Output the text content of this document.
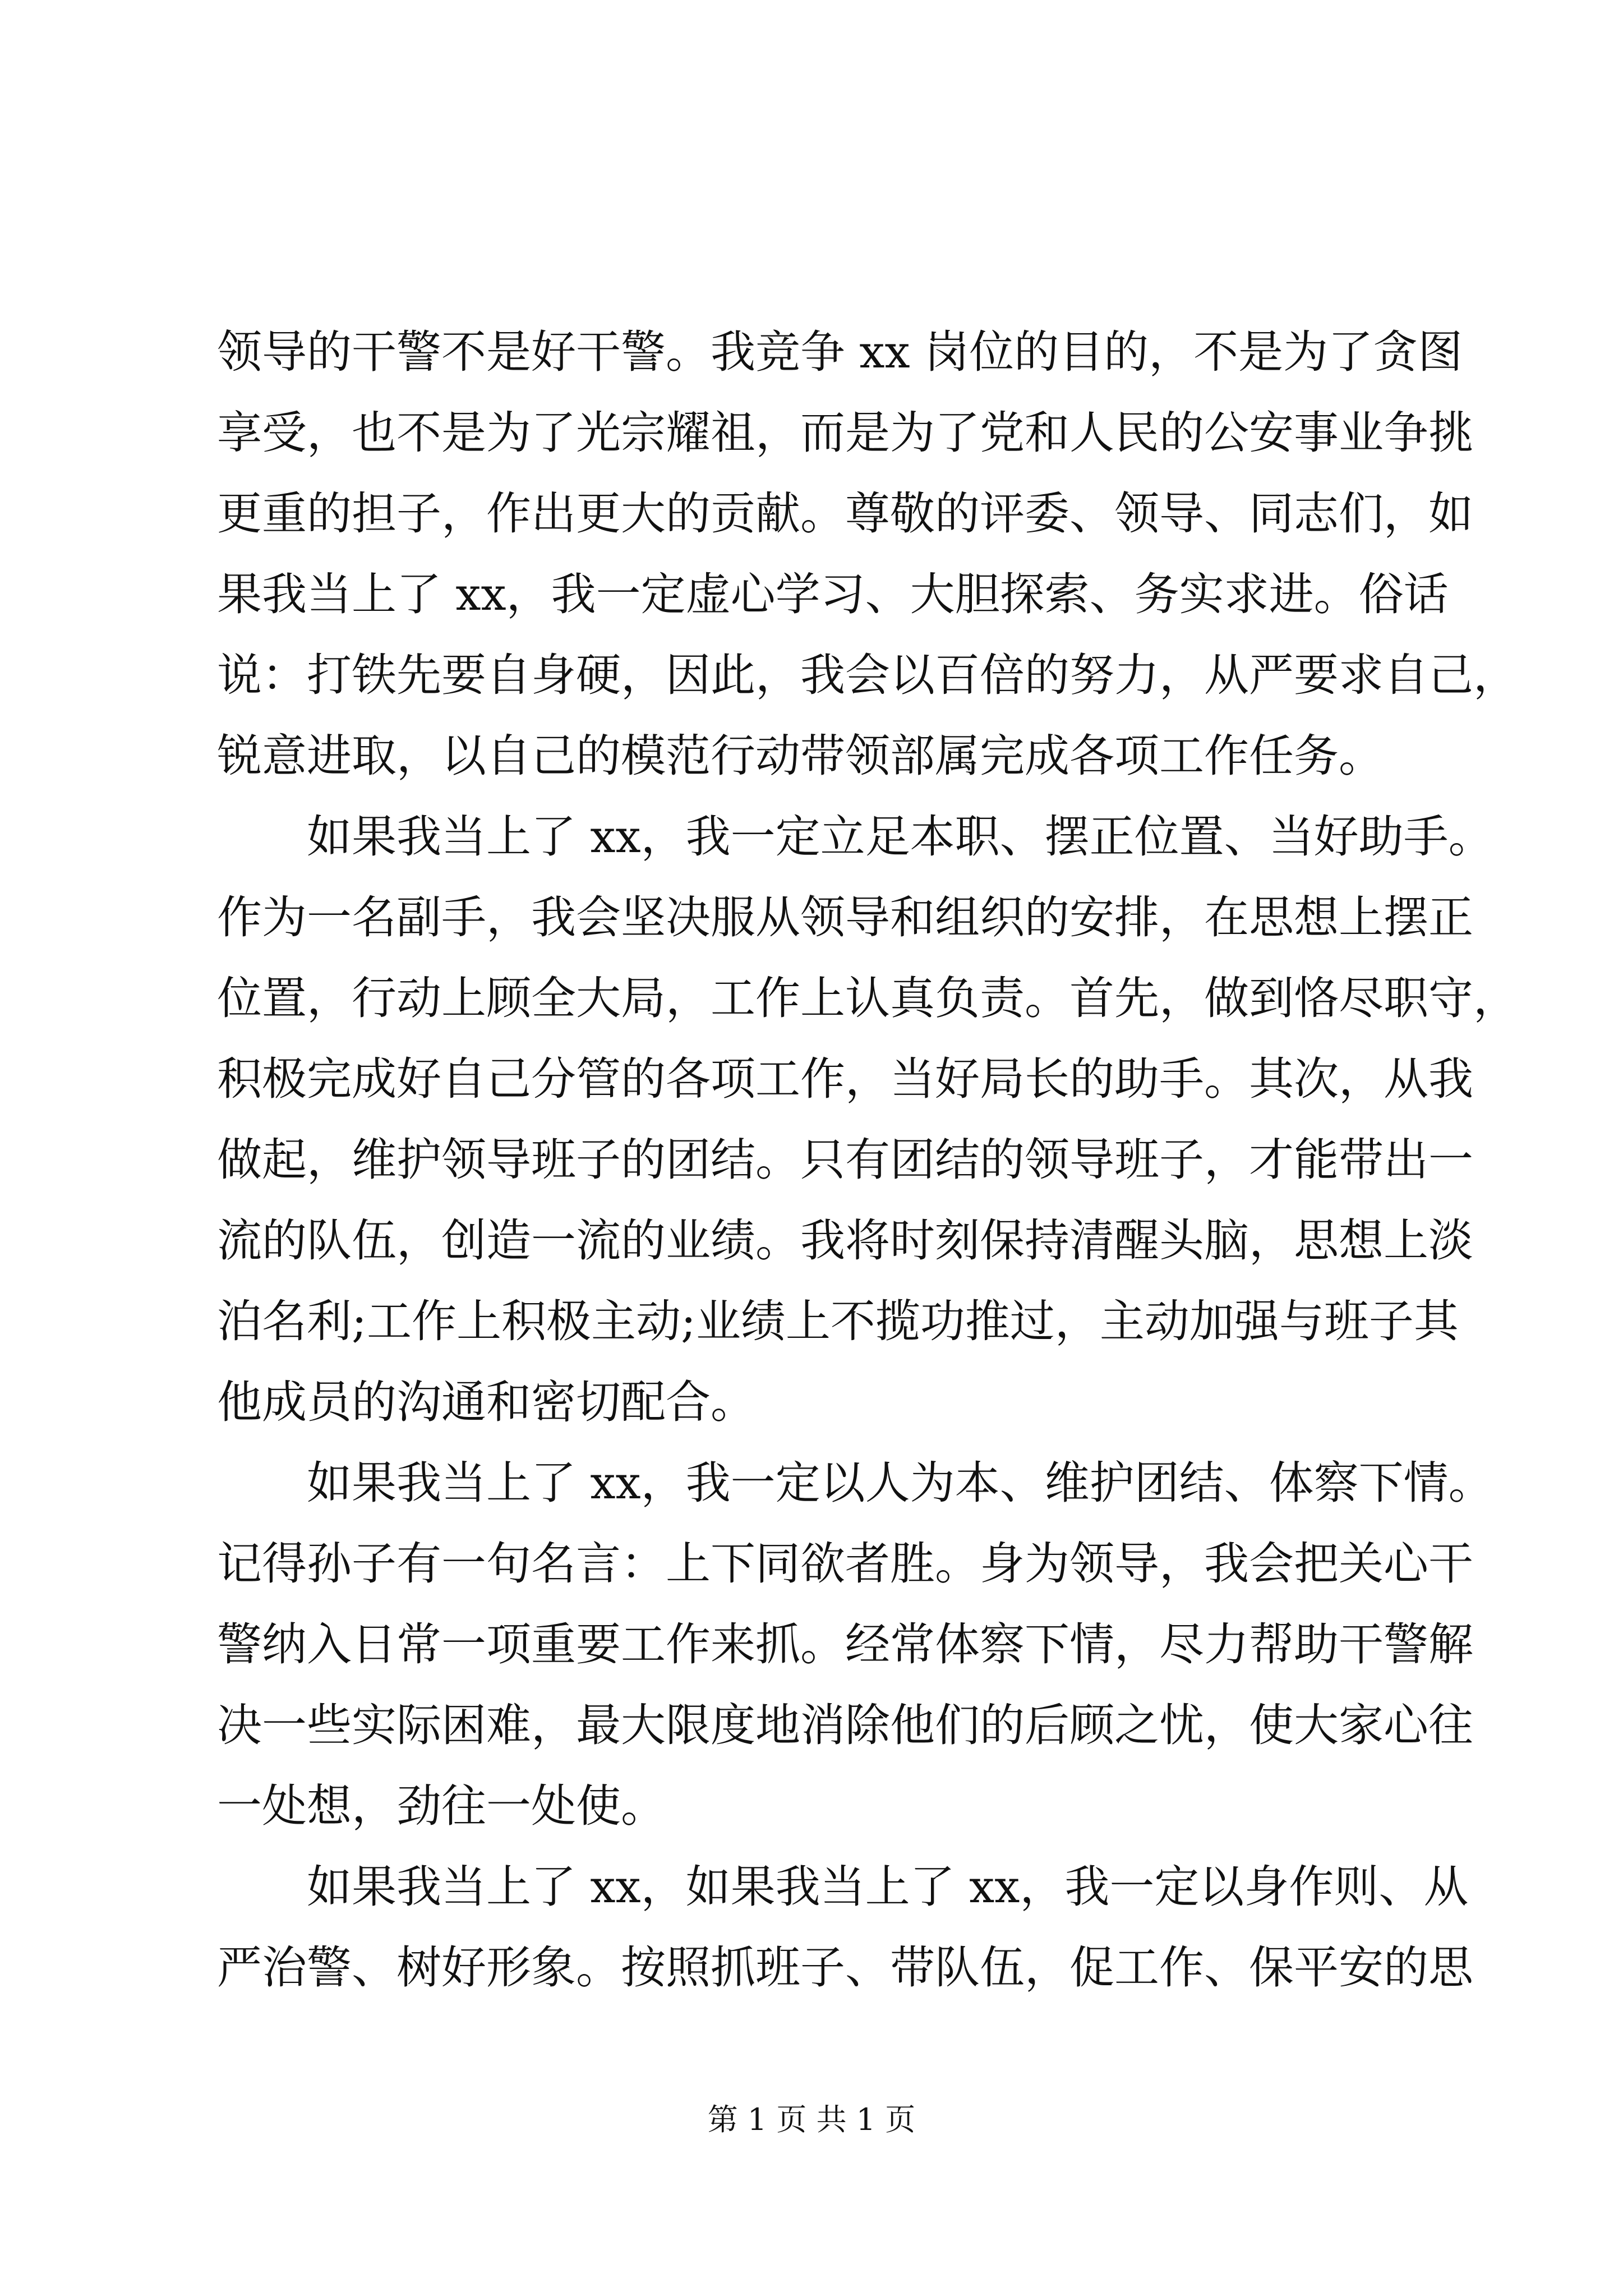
领导的干警不是好干警。我竞争 xx 岗位的目的，不是为了贪图
享受，也不是为了光宗耀祖，而是为了党和人民的公安事业争挑
更重的担子，作出更大的贡献。尊敬的评委、领导、同志们，如
果我当上了 xx，我一定虚心学习、大胆探索、务实求进。俗话
说：打铁先要自身硬，因此，我会以百倍的努力，从严要求自己，
锐意进取，以自己的模范行动带领部属完成各项工作任务。
如果我当上了 xx，我一定立足本职、摆正位置、当好助手。
作为一名副手，我会坚决服从领导和组织的安排，在思想上摆正
位置，行动上顾全大局，工作上认真负责。首先，做到恪尽职守，
积极完成好自己分管的各项工作，当好局长的助手。其次，从我
做起，维护领导班子的团结。只有团结的领导班子，才能带出一
流的队伍，创造一流的业绩。我将时刻保持清醒头脑，思想上淡
泊名利;工作上积极主动;业绩上不揽功推过，主动加强与班子其
他成员的沟通和密切配合。
如果我当上了 xx，我一定以人为本、维护团结、体察下情。
记得孙子有一句名言：上下同欲者胜。身为领导，我会把关心干
警纳入日常一项重要工作来抓。经常体察下情，尽力帮助干警解
决一些实际困难，最大限度地消除他们的后顾之忧，使大家心往
一处想，劲往一处使。
如果我当上了 xx，如果我当上了 xx，我一定以身作则、从
严治警、树好形象。按照抓班子、带队伍，促工作、保平安的思
第 1 页 共 1 页
